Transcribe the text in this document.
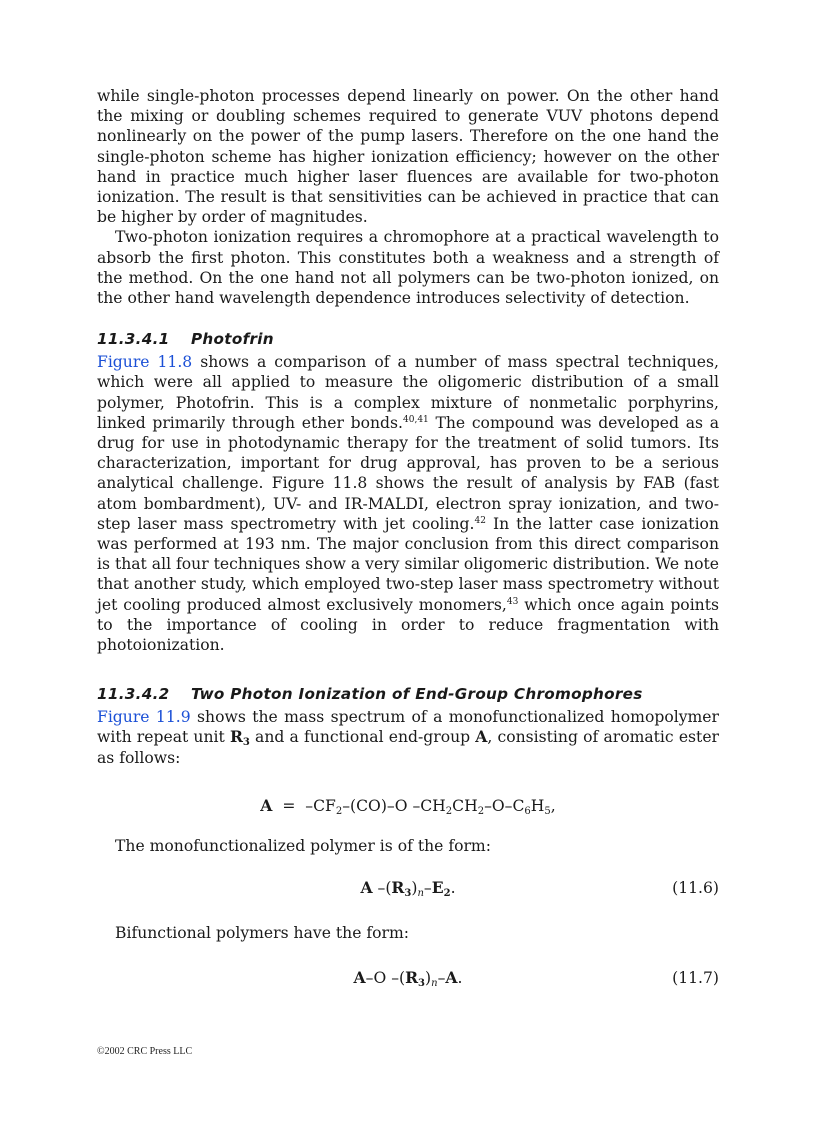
while single-photon processes depend linearly on power. On the other hand the mixing or doubling schemes required to generate VUV photons depend nonlinearly on the power of the pump lasers. Therefore on the one hand the single-photon scheme has higher ionization efficiency; however on the other hand in practice much higher laser fluences are available for two-photon ionization. The result is that sensitivities can be achieved in practice that can be higher by order of magnitudes.

Two-photon ionization requires a chromophore at a practical wavelength to absorb the first photon. This constitutes both a weakness and a strength of the method. On the one hand not all polymers can be two-photon ionized, on the other hand wavelength dependence introduces selectivity of detection.

11.3.4.1 Photofrin

Figure 11.8 shows a comparison of a number of mass spectral techniques, which were all applied to measure the oligomeric distribution of a small polymer, Photofrin. This is a complex mixture of nonmetalic porphyrins, linked primarily through ether bonds.$^{40,41}$ The compound was developed as a drug for use in photodynamic therapy for the treatment of solid tumors. Its characterization, important for drug approval, has proven to be a serious analytical challenge. Figure 11.8 shows the result of analysis by FAB (fast atom bombardment), UV- and IR-MALDI, electron spray ionization, and two-step laser mass spectrometry with jet cooling.$^{42}$ In the latter case ionization was performed at 193 nm. The major conclusion from this direct comparison is that all four techniques show a very similar oligomeric distribution. We note that another study, which employed two-step laser mass spectrometry without jet cooling produced almost exclusively monomers,$^{43}$ which once again points to the importance of cooling in order to reduce fragmentation with photoionization.

11.3.4.2 Two Photon Ionization of End-Group Chromophores

Figure 11.9 shows the mass spectrum of a monofunctionalized homopolymer with repeat unit $R_3$ and a functional end-group A, consisting of aromatic ester as follows:

$A = -CF_2-(CO)-O$ $-CH_2CH_2-O-C_6H_5$,

The monofunctionalized polymer is of the form:

A $-(R_3)_n-E_2$.	(11.6)

Bifunctional polymers have the form:

A–O $-(R_3)_n-A$.	(11.7)
©2002 CRC Press LLC
